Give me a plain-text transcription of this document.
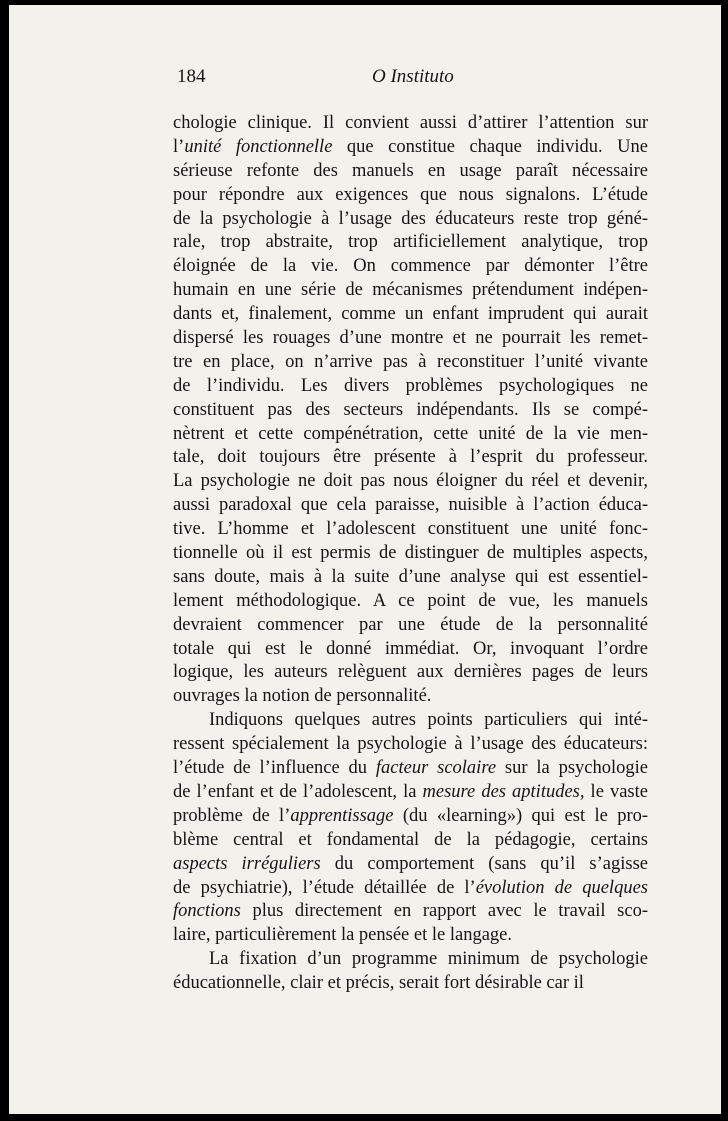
184	O Instituto
chologie clinique. Il convient aussi d’attirer l’attention sur
l’unité fonctionnelle que constitue chaque individu. Une
sérieuse refonte des manuels en usage paraît nécessaire
pour répondre aux exigences que nous signalons. L’étude
de la psychologie à l’usage des éducateurs reste trop géné-
rale, trop abstraite, trop artificiellement analytique, trop
éloignée de la vie. On commence par démonter l’être
humain en une série de mécanismes prétendument indépen-
dants et, finalement, comme un enfant imprudent qui aurait
dispersé les rouages d’une montre et ne pourrait les remet-
tre en place, on n’arrive pas à reconstituer l’unité vivante
de l’individu. Les divers problèmes psychologiques ne
constituent pas des secteurs indépendants. Ils se compé-
nètrent et cette compénétration, cette unité de la vie men-
tale, doit toujours être présente à l’esprit du professeur.
La psychologie ne doit pas nous éloigner du réel et devenir,
aussi paradoxal que cela paraisse, nuisible à l’action éduca-
tive. L’homme et l’adolescent constituent une unité fonc-
tionnelle où il est permis de distinguer de multiples aspects,
sans doute, mais à la suite d’une analyse qui est essentiel-
lement méthodologique. A ce point de vue, les manuels
devraient commencer par une étude de la personnalité
totale qui est le donné immédiat. Or, invoquant l’ordre
logique, les auteurs relèguent aux dernières pages de leurs
ouvrages la notion de personnalité.
Indiquons quelques autres points particuliers qui inté-
ressent spécialement la psychologie à l’usage des éducateurs:
l’étude de l’influence du facteur scolaire sur la psychologie
de l’enfant et de l’adolescent, la mesure des aptitudes, le vaste
problème de l’apprentissage (du «learning») qui est le pro-
blème central et fondamental de la pédagogie, certains
aspects irréguliers du comportement (sans qu’il s’agisse
de psychiatrie), l’étude détaillée de l’évolution de quelques
fonctions plus directement en rapport avec le travail sco-
laire, particulièrement la pensée et le langage.
La fixation d’un programme minimum de psychologie
éducationnelle, clair et précis, serait fort désirable car il
